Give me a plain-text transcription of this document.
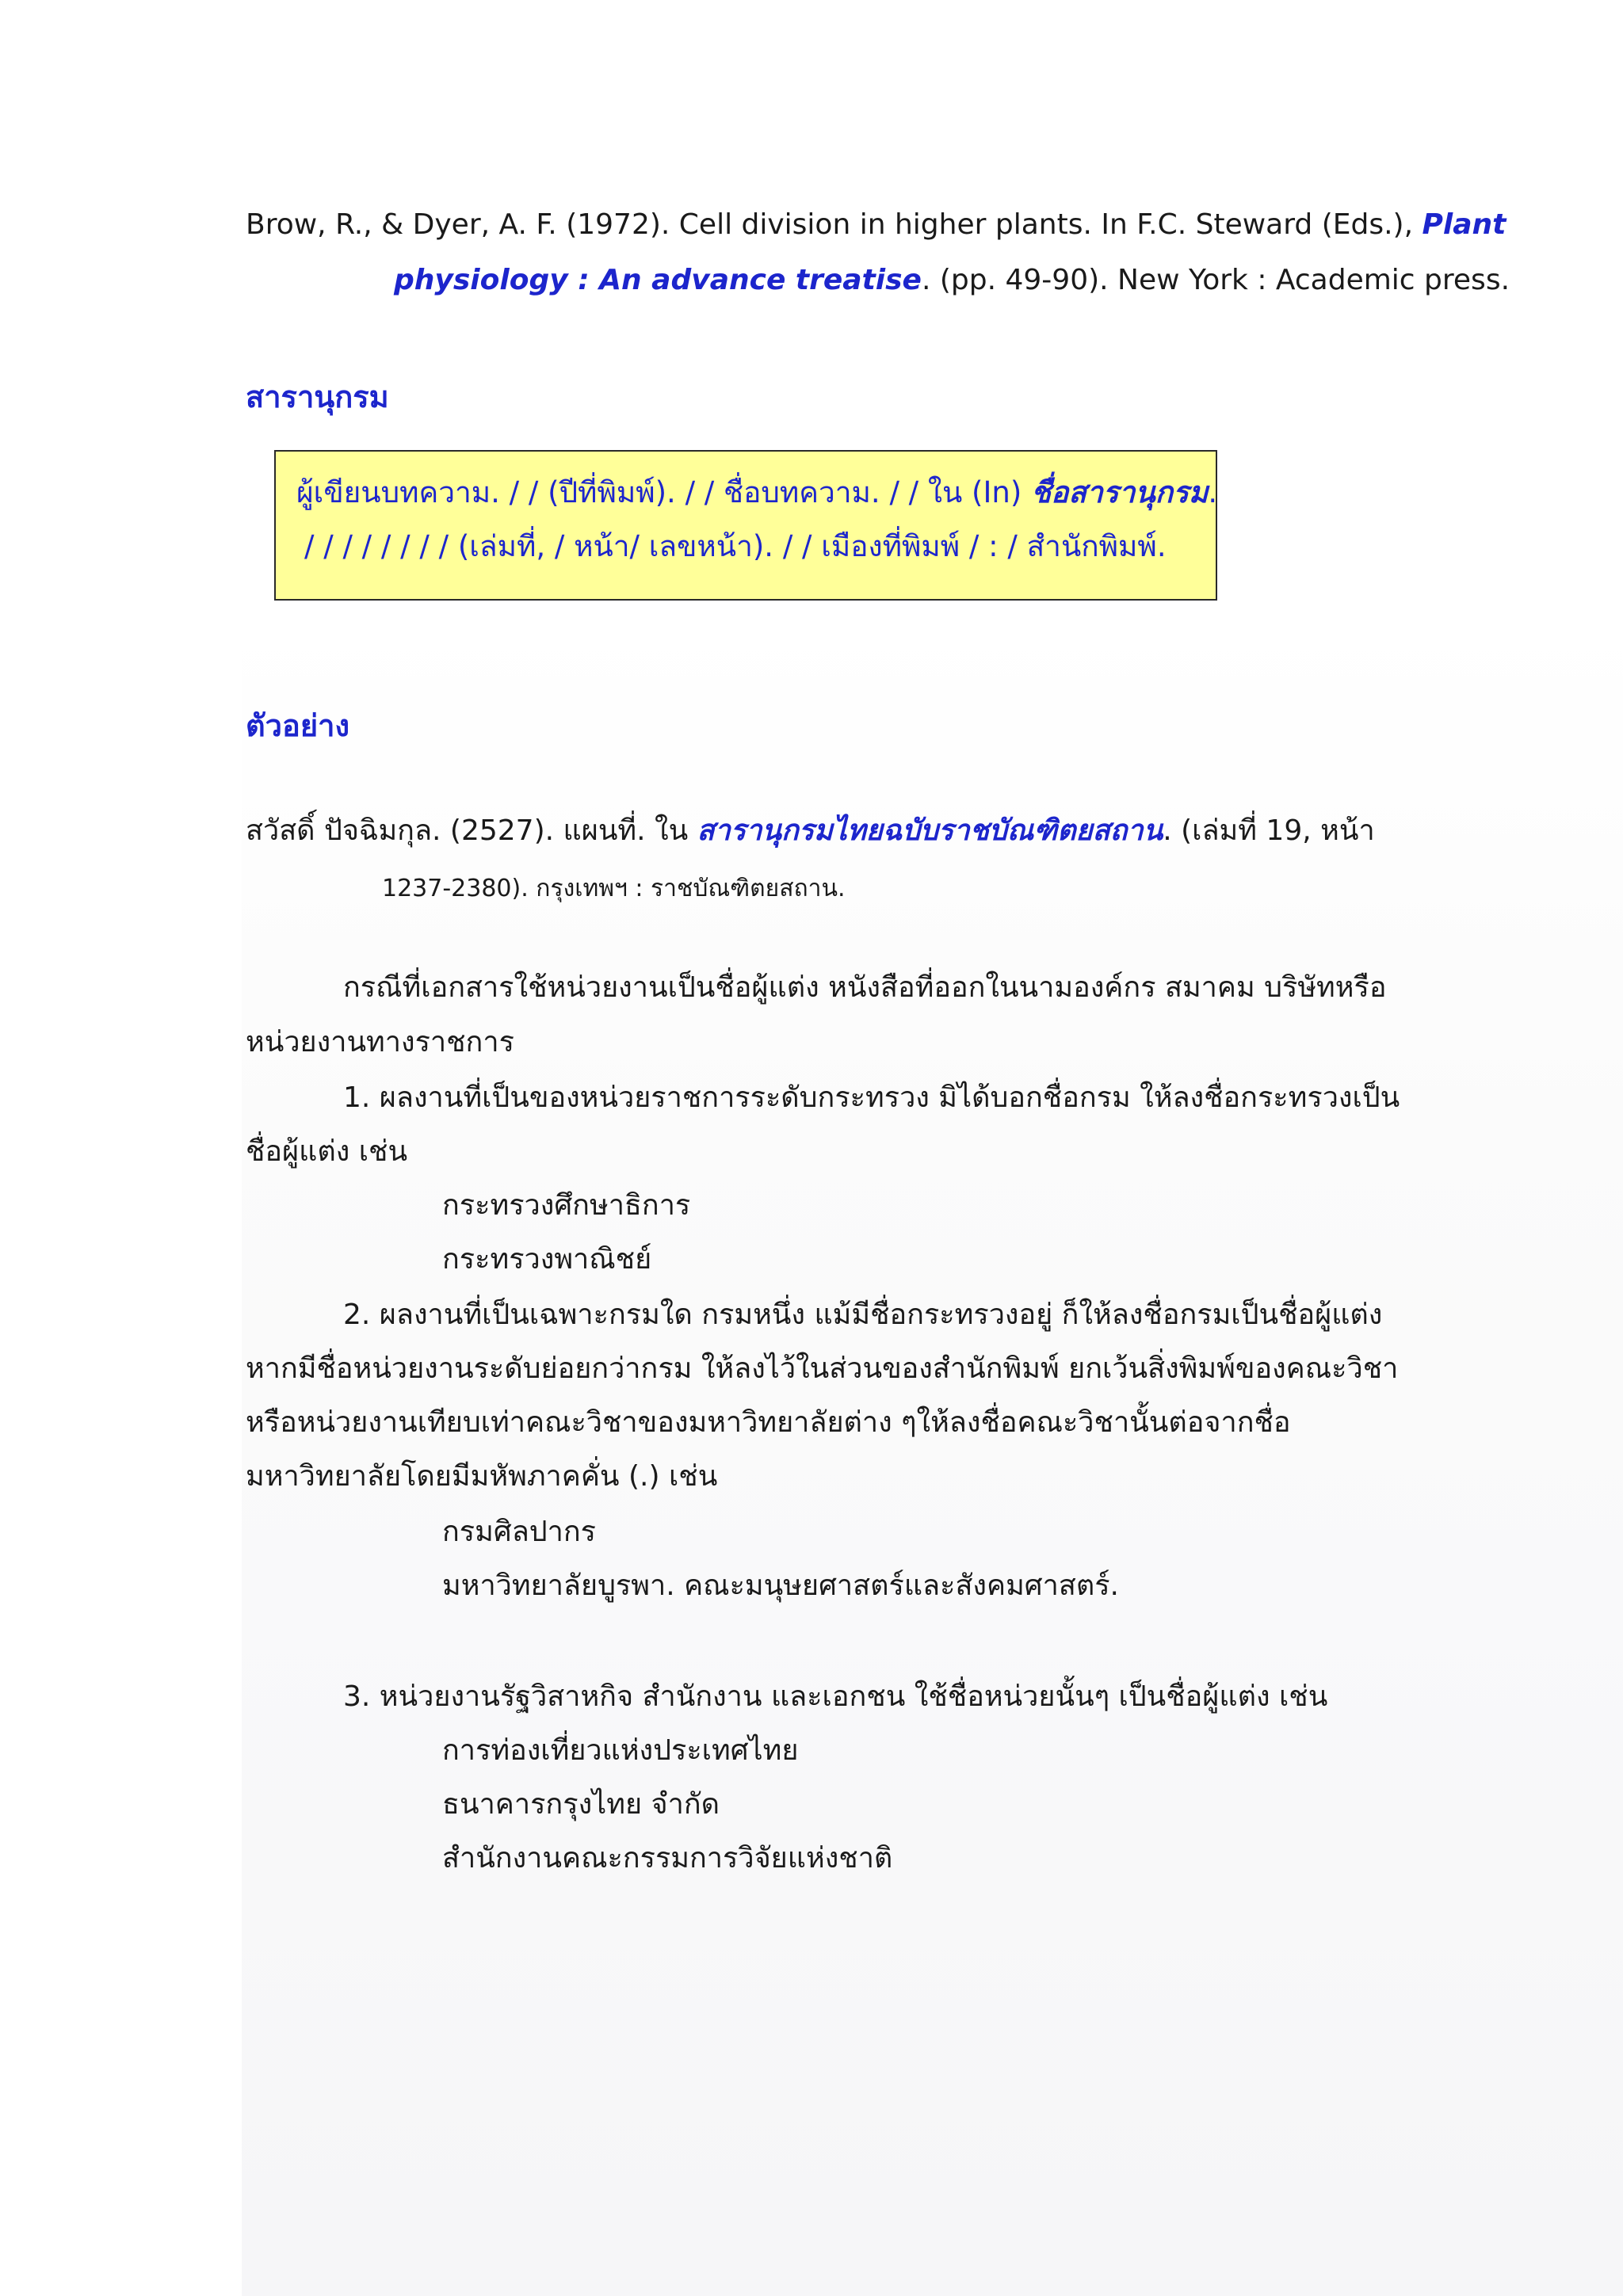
Brow, R., & Dyer, A. F. (1972). Cell division in higher plants. In F.C. Steward (Eds.), Plant
physiology : An advance treatise. (pp. 49-90). New York : Academic press.
สารานุกรม
ผู้เขียนบทความ. / / (ปีที่พิมพ์). / / ชื่อบทความ. / / ใน (In) ชื่อสารานุกรม.
/ / / / / / / / (เล่มที่, / หน้า/ เลขหน้า). / / เมืองที่พิมพ์ / : / สำนักพิมพ์.
ตัวอย่าง
สวัสดิ์ ปัจฉิมกุล. (2527). แผนที่. ใน สารานุกรมไทยฉบับราชบัณฑิตยสถาน. (เล่มที่ 19, หน้า
1237-2380). กรุงเทพฯ : ราชบัณฑิตยสถาน.
กรณีที่เอกสารใช้หน่วยงานเป็นชื่อผู้แต่ง หนังสือที่ออกในนามองค์กร สมาคม บริษัทหรือ
หน่วยงานทางราชการ
1. ผลงานที่เป็นของหน่วยราชการระดับกระทรวง มิได้บอกชื่อกรม ให้ลงชื่อกระทรวงเป็น
ชื่อผู้แต่ง เช่น
กระทรวงศึกษาธิการ
กระทรวงพาณิชย์
2. ผลงานที่เป็นเฉพาะกรมใด กรมหนึ่ง แม้มีชื่อกระทรวงอยู่ ก็ให้ลงชื่อกรมเป็นชื่อผู้แต่ง
หากมีชื่อหน่วยงานระดับย่อยกว่ากรม ให้ลงไว้ในส่วนของสำนักพิมพ์ ยกเว้นสิ่งพิมพ์ของคณะวิชา
หรือหน่วยงานเทียบเท่าคณะวิชาของมหาวิทยาลัยต่าง ๆให้ลงชื่อคณะวิชานั้นต่อจากชื่อ
มหาวิทยาลัยโดยมีมหัพภาคคั่น (.) เช่น
กรมศิลปากร
มหาวิทยาลัยบูรพา. คณะมนุษยศาสตร์และสังคมศาสตร์.
3. หน่วยงานรัฐวิสาหกิจ สำนักงาน และเอกชน ใช้ชื่อหน่วยนั้นๆ เป็นชื่อผู้แต่ง เช่น
การท่องเที่ยวแห่งประเทศไทย
ธนาคารกรุงไทย จำกัด
สำนักงานคณะกรรมการวิจัยแห่งชาติ
